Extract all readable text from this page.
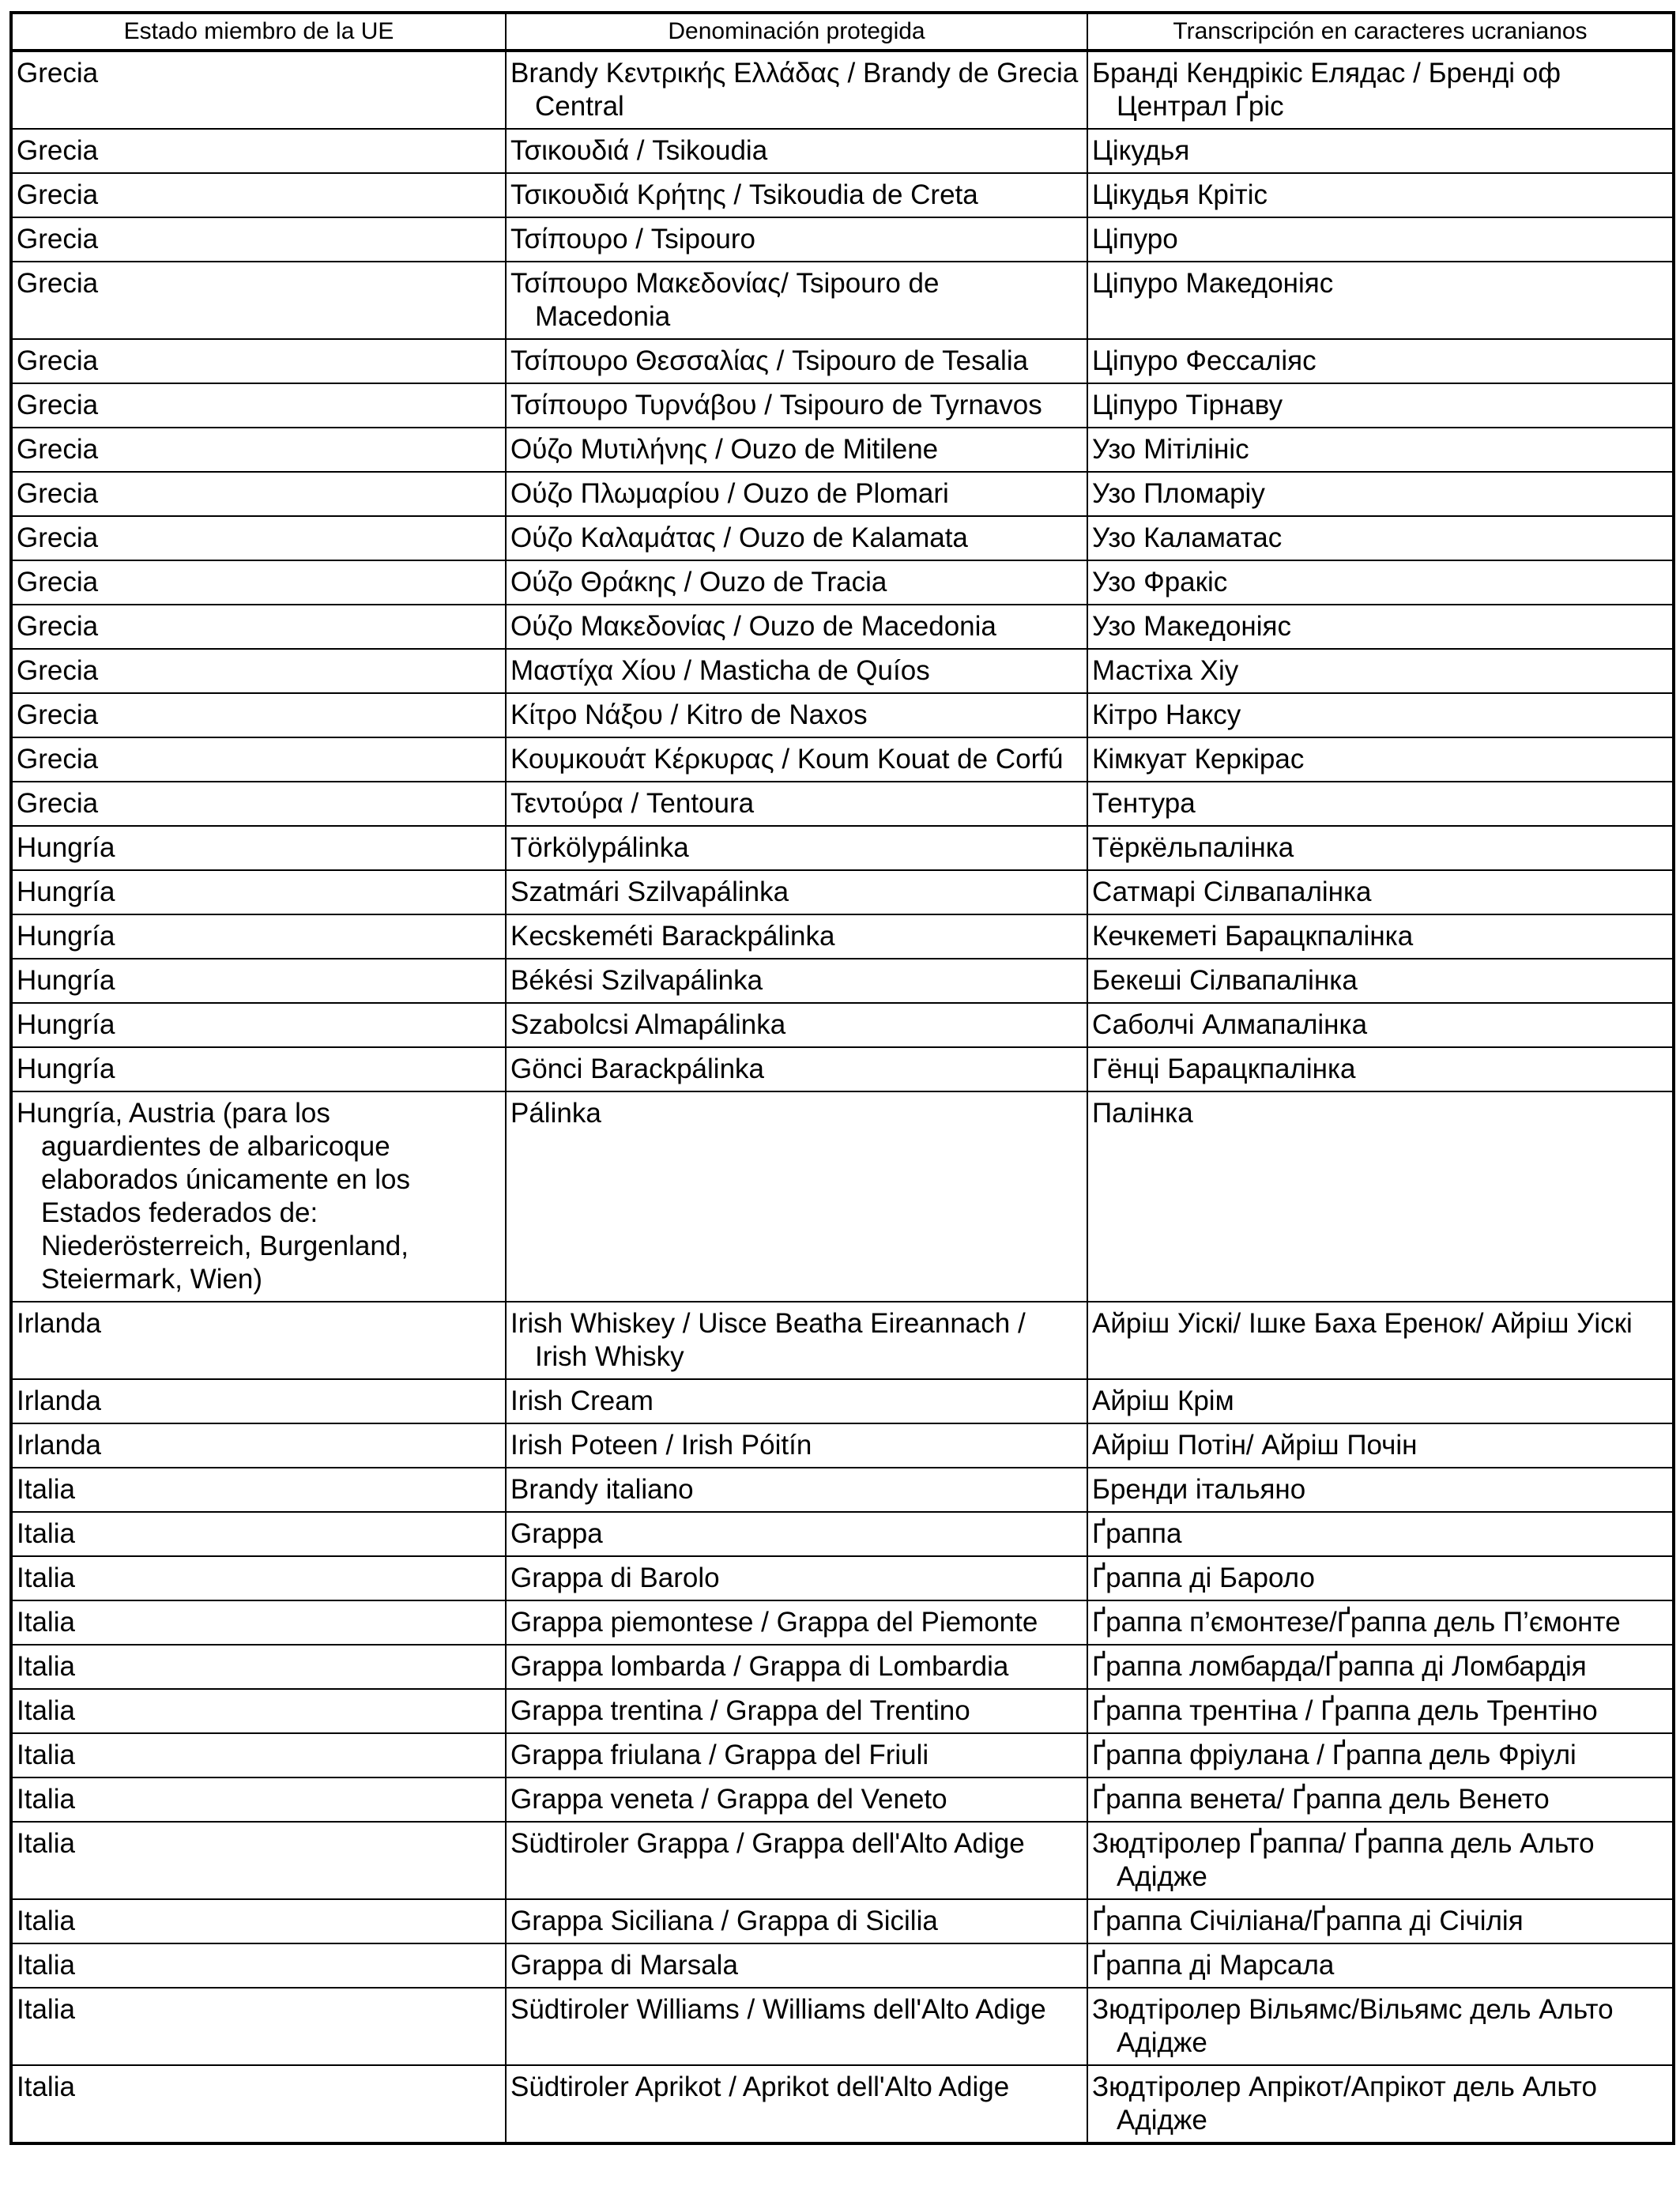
Estado miembro de la UE	Denominación protegida	Transcripción en caracteres ucranianos
Grecia	Brandy Κεντρικής Ελλάδας / Brandy de Grecia Central	Бранді Кендрікіс Елядас / Бренді оф Централ Ґріс
Grecia	Τσικουδιά / Tsikoudia	Цікудья
Grecia	Τσικουδιά Κρήτης / Tsikoudia de Creta	Цікудья Крітіс
Grecia	Τσίπουρο / Tsipouro	Ціпуро
Grecia	Τσίπουρο Μακεδονίας/ Tsipouro de Macedonia	Ціпуро Македоніяс
Grecia	Τσίπουρο Θεσσαλίας / Tsipouro de Tesalia	Ціпуро Фессаліяс
Grecia	Τσίπουρο Τυρνάβου / Tsipouro de Tyrnavos	Ціпуро Тірнаву
Grecia	Ούζο Μυτιλήνης / Ouzo de Mitilene	Узо Мітілініс
Grecia	Ούζο Πλωμαρίου / Ouzo de Plomari	Узо Пломаріу
Grecia	Ούζο Καλαμάτας / Ouzo de Kalamata	Узо Каламатас
Grecia	Ούζο Θράκης / Ouzo de Tracia	Узо Фракіс
Grecia	Ούζο Μακεδονίας / Ouzo de Macedonia	Узо Македоніяс
Grecia	Μαστίχα Χίου / Masticha de Quíos	Мастіха Хіу
Grecia	Κίτρο Νάξου / Kitro de Naxos	Кітро Наксу
Grecia	Κουμκουάτ Κέρκυρας / Koum Kouat de Corfú	Кімкуат Керкірас
Grecia	Τεντούρα / Tentoura	Тентура
Hungría	Törkölypálinka	Тёркёльпалінка
Hungría	Szatmári Szilvapálinka	Сатмарі Сілвапалінка
Hungría	Kecskeméti Barackpálinka	Кечкеметі Барацкпалінка
Hungría	Békési Szilvapálinka	Бекеші Сілвапалінка
Hungría	Szabolcsi Almapálinka	Саболчі Алмапалінка
Hungría	Gönci Barackpálinka	Гёнці Барацкпалінка
Hungría, Austria (para los aguardientes de albaricoque elaborados únicamente en los Estados federados de: Niederösterreich, Burgenland, Steiermark, Wien)	Pálinka	Палінка
Irlanda	Irish Whiskey / Uisce Beatha Eireannach / Irish Whisky	Айріш Уіскі/ Ішке Баха Еренок/ Айріш Уіскі
Irlanda	Irish Cream	Айріш Крім
Irlanda	Irish Poteen / Irish Póitín	Айріш Потін/ Айріш Почін
Italia	Brandy italiano	Бренди італьяно
Italia	Grappa	Ґраппа
Italia	Grappa di Barolo	Ґраппа ді Бароло
Italia	Grappa piemontese / Grappa del Piemonte	Ґраппа п’ємонтезе/Ґраппа дель П’ємонте
Italia	Grappa lombarda / Grappa di Lombardia	Ґраппа ломбарда/Ґраппа ді Ломбардія
Italia	Grappa trentina / Grappa del Trentino	Ґраппа трентіна / Ґраппа дель Трентіно
Italia	Grappa friulana / Grappa del Friuli	Ґраппа фріулана / Ґраппа дель Фріулі
Italia	Grappa veneta / Grappa del Veneto	Ґраппа венета/ Ґраппа дель Венето
Italia	Südtiroler Grappa / Grappa dell'Alto Adige	Зюдтіролер Ґраппа/ Ґраппа дель Альто Адідже
Italia	Grappa Siciliana / Grappa di Sicilia	Ґраппа Січіліана/Ґраппа ді Січілія
Italia	Grappa di Marsala	Ґраппа ді Марсала
Italia	Südtiroler Williams / Williams dell'Alto Adige	Зюдтіролер Вільямс/Вільямс дель Альто Адідже
Italia	Südtiroler Aprikot / Aprikot dell'Alto Adige	Зюдтіролер Апрікот/Апрікот дель Альто Адідже
